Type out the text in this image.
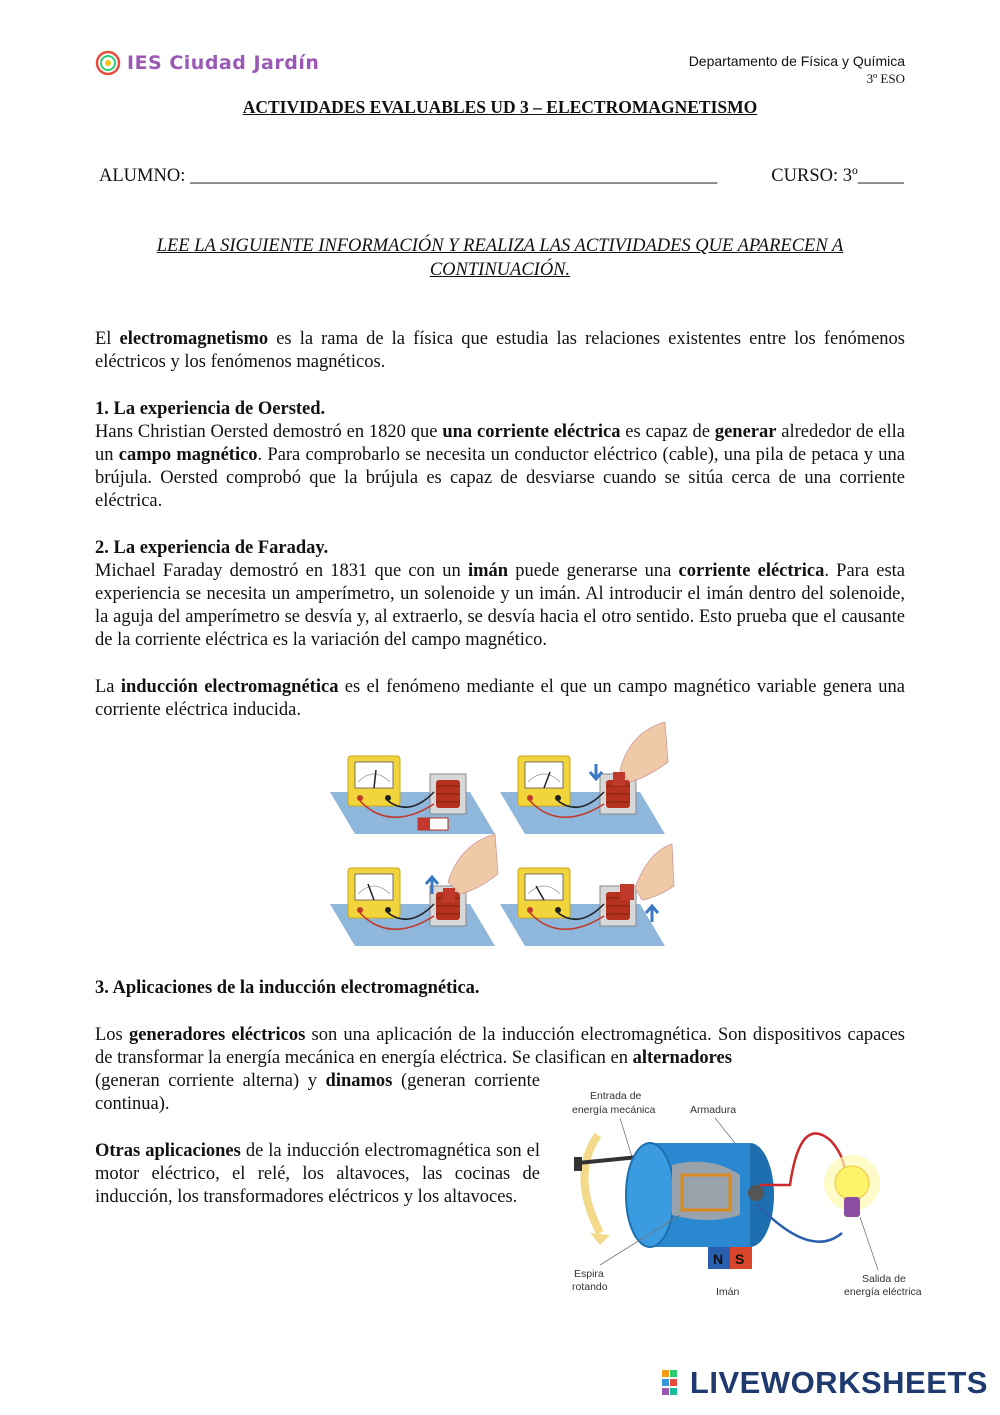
IES Ciudad Jardín	Departamento de Física y Química
3º ESO
ACTIVIDADES EVALUABLES UD 3 – ELECTROMAGNETISMO
ALUMNO: _________________________________________________________	CURSO: 3º_____
LEE LA SIGUIENTE INFORMACIÓN Y REALIZA LAS ACTIVIDADES QUE APARECEN A CONTINUACIÓN.

El electromagnetismo es la rama de la física que estudia las relaciones existentes entre los fenómenos eléctricos y los fenómenos magnéticos.

1. La experiencia de Oersted.

Hans Christian Oersted demostró en 1820 que una corriente eléctrica es capaz de generar alrededor de ella un campo magnético. Para comprobarlo se necesita un conductor eléctrico (cable), una pila de petaca y una brújula. Oersted comprobó que la brújula es capaz de desviarse cuando se sitúa cerca de una corriente eléctrica.

2. La experiencia de Faraday.

Michael Faraday demostró en 1831 que con un imán puede generarse una corriente eléctrica. Para esta experiencia se necesita un amperímetro, un solenoide y un imán. Al introducir el imán dentro del solenoide, la aguja del amperímetro se desvía y, al extraerlo, se desvía hacia el otro sentido. Esto prueba que el causante de la corriente eléctrica es la variación del campo magnético.

La inducción electromagnética es el fenómeno mediante el que un campo magnético variable genera una corriente eléctrica inducida.

3. Aplicaciones de la inducción electromagnética.

Los generadores eléctricos son una aplicación de la inducción electromagnética. Son dispositivos capaces de transformar la energía mecánica en energía eléctrica. Se clasifican en alternadores

(generan corriente alterna) y dinamos (generan corriente continua).

Otras aplicaciones de la inducción electromagnética son el motor eléctrico, el relé, los altavoces, las cocinas de inducción, los transformadores eléctricos y los altavoces.

Entrada de
energía mecánica	Armadura
N S
Espira
rotando	Imán
Salida de
energía eléctrica
LIVEWORKSHEETS
